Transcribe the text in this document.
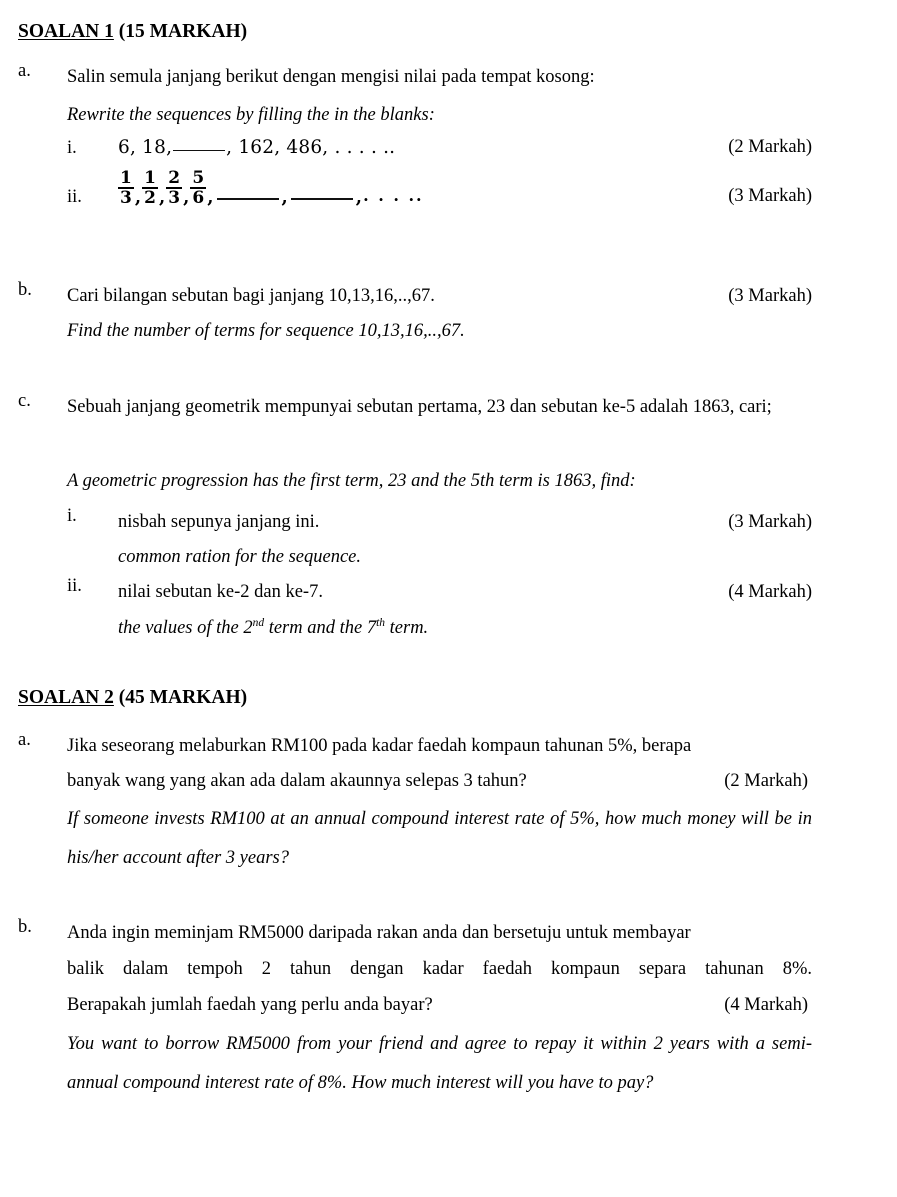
SOALAN 1 (15 MARKAH)
a. Salin semula janjang berikut dengan mengisi nilai pada tempat kosong:
Rewrite the sequences by filling the in the blanks:
i. 6, 18,	, 162, 486, . . . . ..	(2 Markah)
ii. $\frac{1}{3}$ , $\frac{1}{2}$ , $\frac{2}{3}$ , $\frac{5}{6}$ ,	,	,. . . ..	(3 Markah)
b. Cari bilangan sebutan bagi janjang 10,13,16,..,67.	(3 Markah)
Find the number of terms for sequence 10,13,16,..,67.
c. Sebuah janjang geometrik mempunyai sebutan pertama, 23 dan sebutan ke-5 adalah 1863, cari;
A geometric progression has the first term, 23 and the 5th term is 1863, find:
i. nisbah sepunya janjang ini.	(3 Markah)
common ration for the sequence.
ii. nilai sebutan ke-2 dan ke-7.	(4 Markah)
the values of the 2nd term and the 7th term.
SOALAN 2 (45 MARKAH)
a. Jika seseorang melaburkan RM100 pada kadar faedah kompaun tahunan 5%, berapa
banyak wang yang akan ada dalam akaunnya selepas 3 tahun?	(2 Markah)
If someone invests RM100 at an annual compound interest rate of 5%, how much money will be in his/her account after 3 years?
b. Anda ingin meminjam RM5000 daripada rakan anda dan bersetuju untuk membayar
balik dalam tempoh 2 tahun dengan kadar faedah kompaun separa tahunan 8%.
Berapakah jumlah faedah yang perlu anda bayar?	(4 Markah)
You want to borrow RM5000 from your friend and agree to repay it within 2 years with a semi-annual compound interest rate of 8%. How much interest will you have to pay?
